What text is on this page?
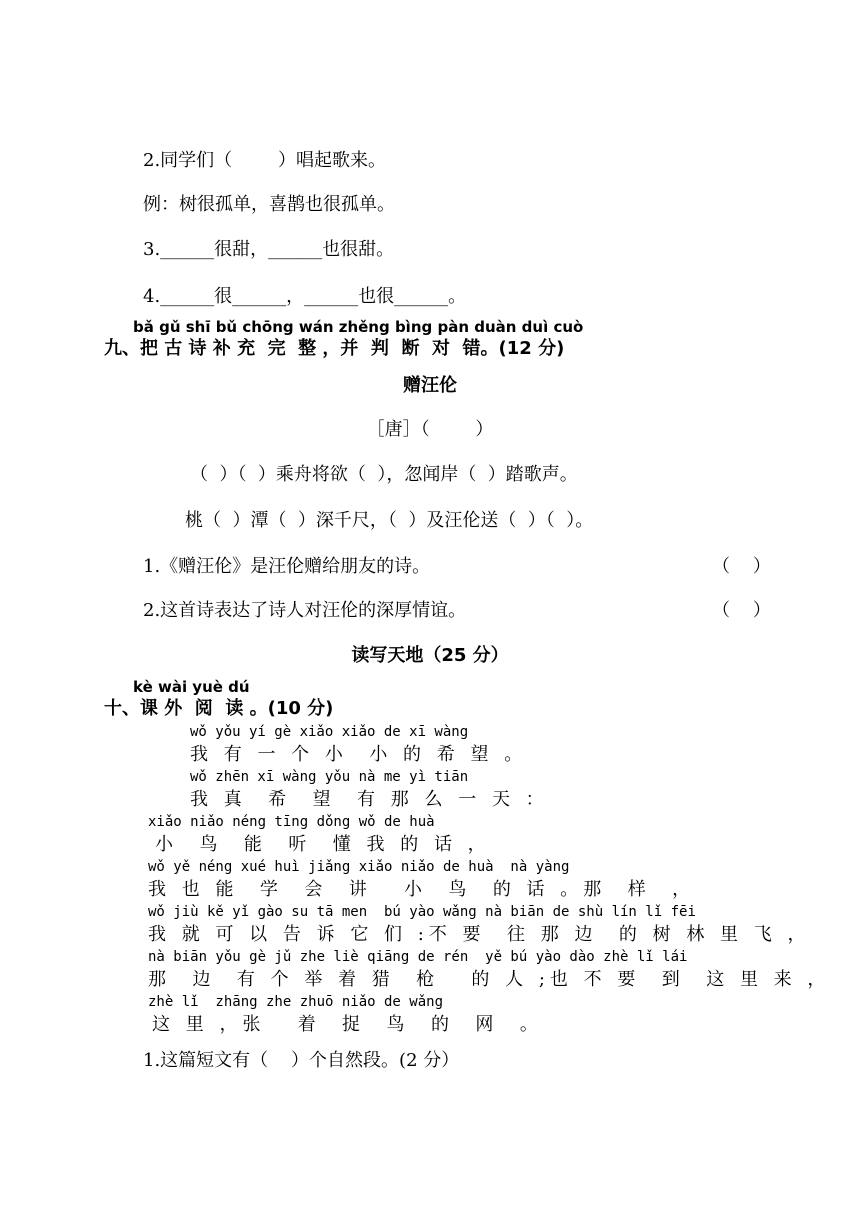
2.同学们（        ）唱起歌来。
例：树很孤单，喜鹊也很孤单。
3.______很甜，______也很甜。
4.______很______，______也很______。
bǎ gǔ shī bǔ chōng wán zhěng bìng pàn duàn duì cuò
九、把 古 诗 补 充  完  整 ，并  判  断  对  错。(12 分)
赠汪伦
［唐］（        ）
（  ）（  ）乘舟将欲（  ），忽闻岸（  ）踏歌声。
桃（  ）潭（  ）深千尺，（  ）及汪伦送（  ）（  ）。
1.《赠汪伦》是汪伦赠给朋友的诗。	（    ）
2.这首诗表达了诗人对汪伦的深厚情谊。	（    ）
读写天地（25 分）
kè wài yuè dú
十、课 外  阅  读 。(10 分)
wǒ yǒu yí gè xiǎo xiǎo de xī wàng
我 有 一 个 小  小 的 希 望 。
wǒ zhēn xī wàng yǒu nà me yì tiān
我 真  希  望  有 那 么 一 天 ：
xiǎo niǎo néng tīng dǒng wǒ de huà
小  鸟  能  听  懂 我 的 话 ，
wǒ yě néng xué huì jiǎng xiǎo niǎo de huà  nà yàng
我 也 能  学  会  讲   小  鸟  的 话 。那  样  ，
wǒ jiù kě yǐ gào su tā men  bú yào wǎng nà biān de shù lín lǐ fēi
我 就 可 以 告 诉 它 们 :不 要  往 那 边  的 树 林 里 飞 ，
nà biān yǒu gè jǔ zhe liè qiāng de rén  yě bú yào dào zhè lǐ lái
那  边  有 个 举 着 猎  枪   的 人 ;也 不 要  到  这 里 来 ，
zhè lǐ  zhāng zhe zhuō niǎo de wǎng
这 里 ，张   着  捉  鸟  的  网  。
1.这篇短文有（    ）个自然段。(2 分）
